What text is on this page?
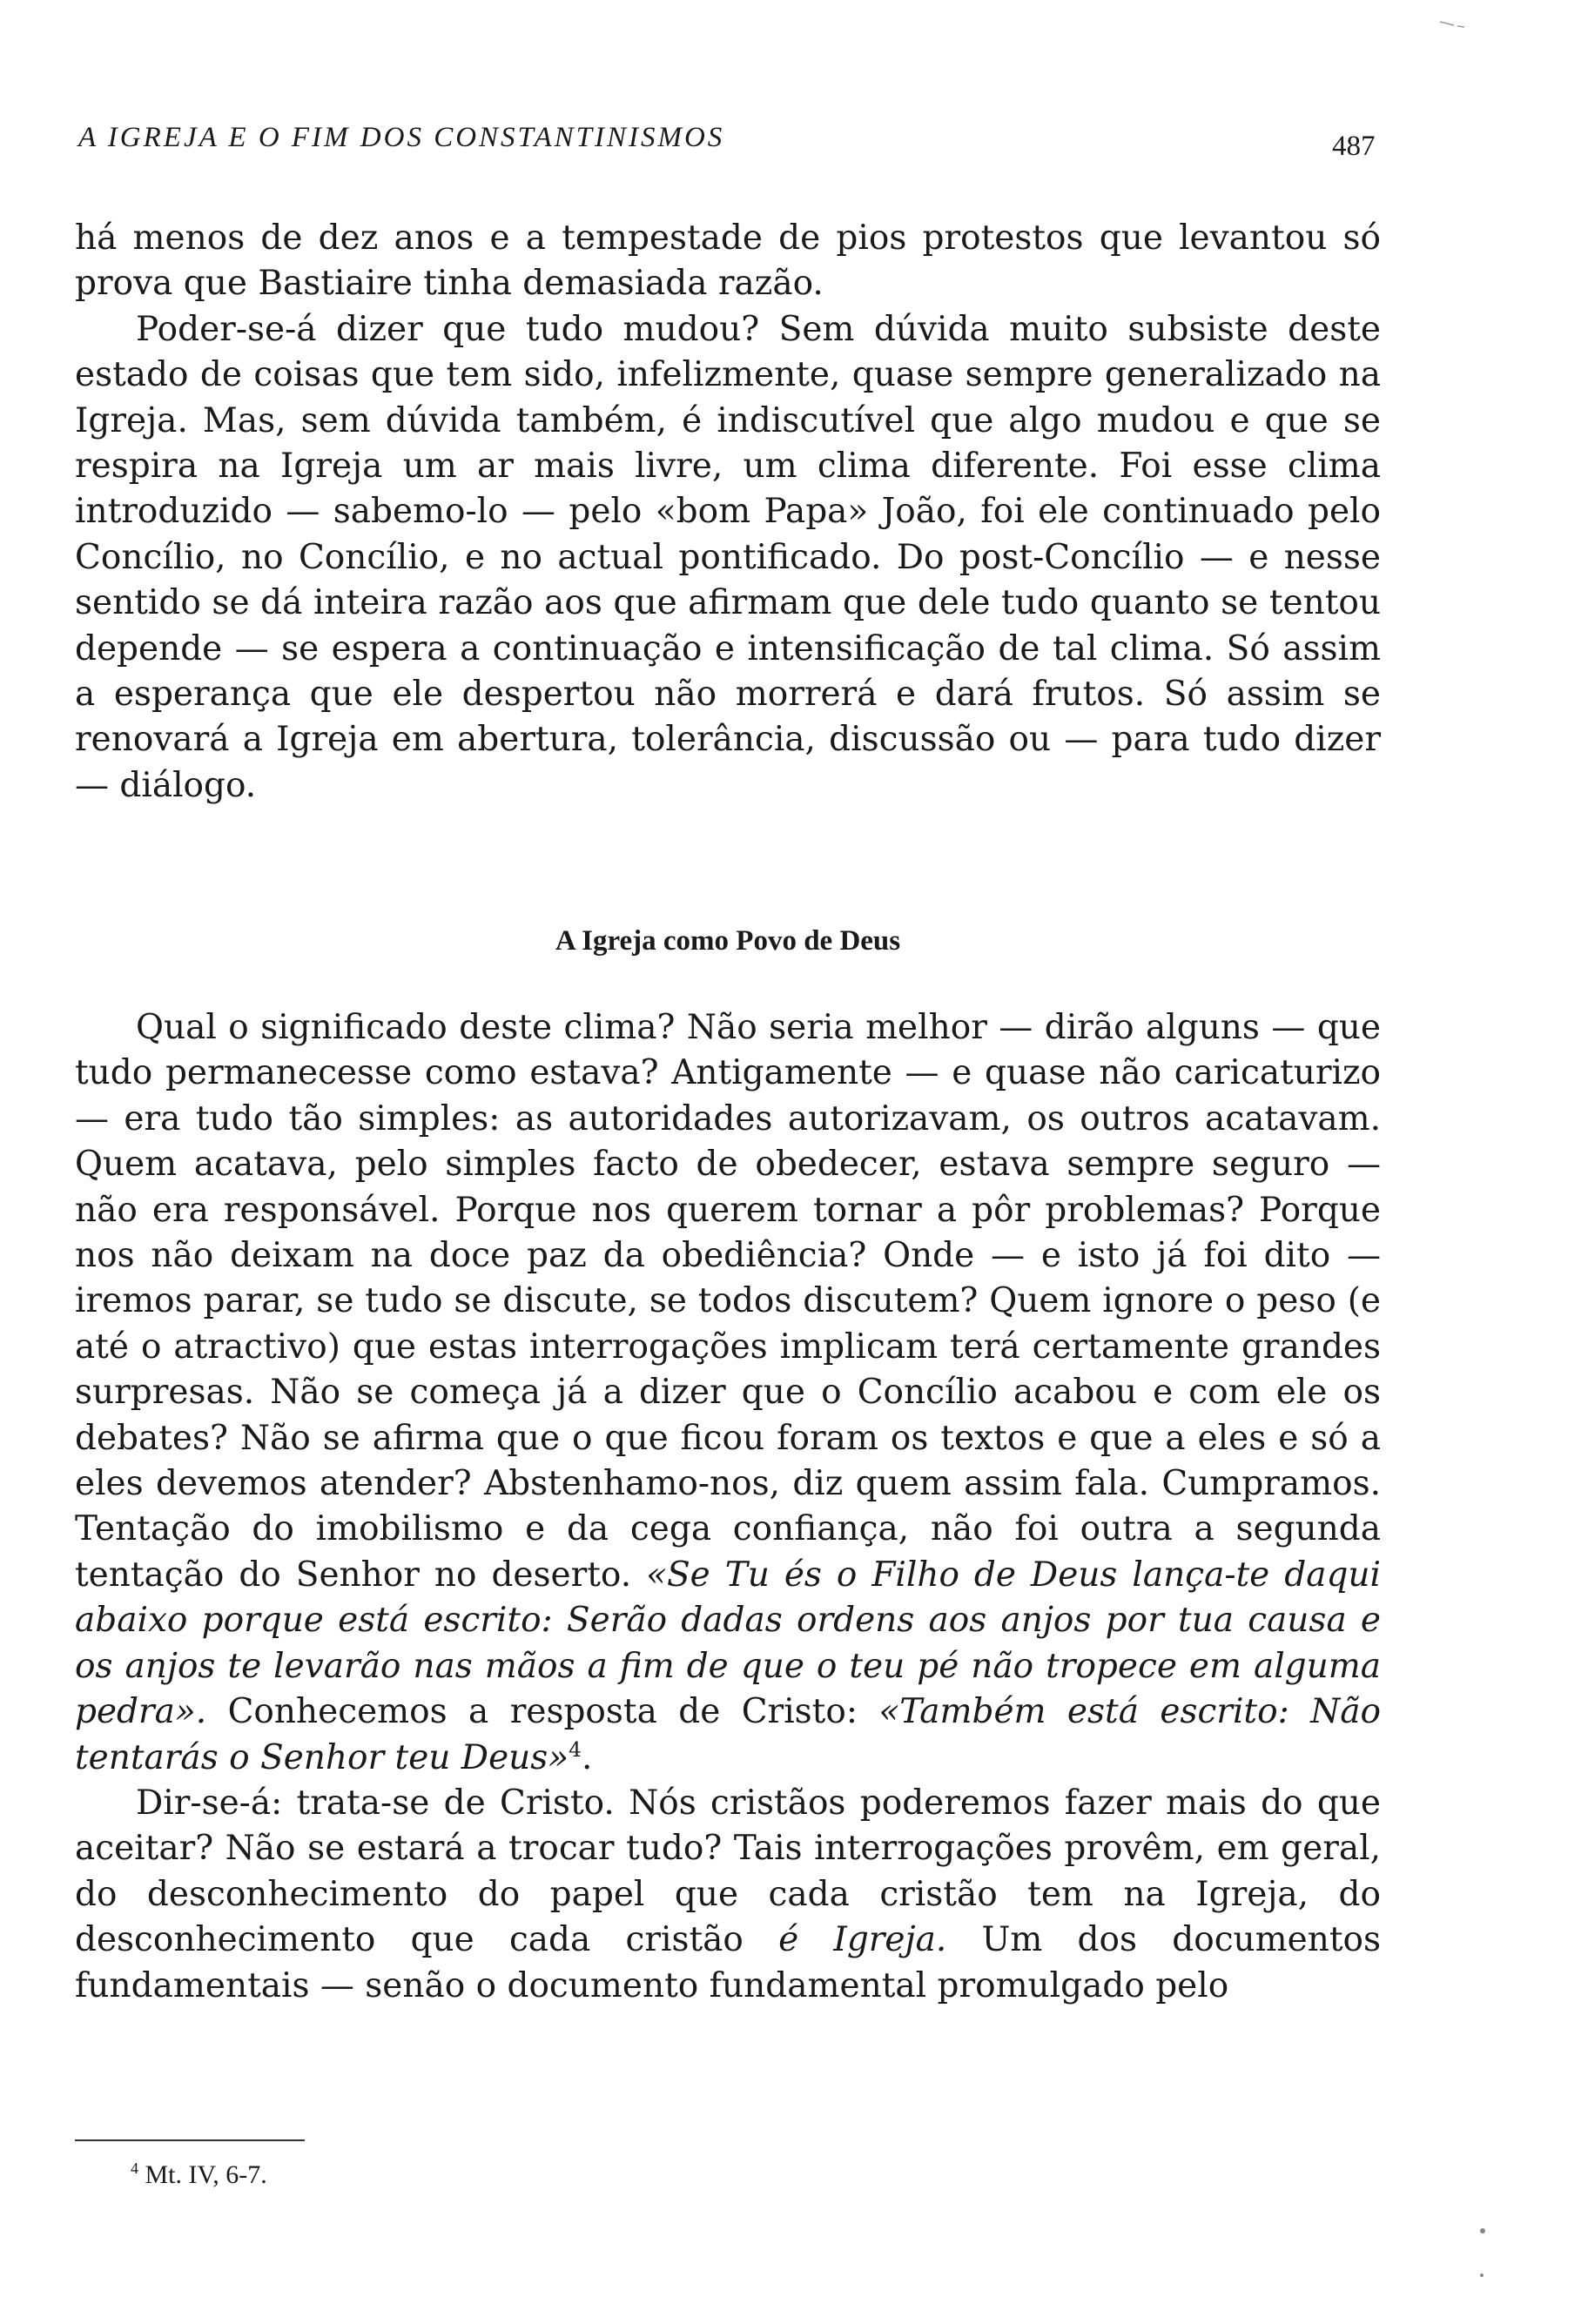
A IGREJA E O FIM DOS CONSTANTINISMOS	487

há menos de dez anos e a tempestade de pios protestos que levantou só prova que Bastiaire tinha demasiada razão.

Poder-se-á dizer que tudo mudou? Sem dúvida muito subsiste deste estado de coisas que tem sido, infelizmente, quase sempre generalizado na Igreja. Mas, sem dúvida também, é indiscutível que algo mudou e que se respira na Igreja um ar mais livre, um clima diferente. Foi esse clima introduzido — sabemo-lo — pelo «bom Papa» João, foi ele continuado pelo Concílio, no Concílio, e no actual pontificado. Do post-Concílio — e nesse sentido se dá inteira razão aos que afirmam que dele tudo quanto se tentou depende — se espera a continuação e intensificação de tal clima. Só assim a esperança que ele despertou não morrerá e dará frutos. Só assim se renovará a Igreja em abertura, tolerância, discussão ou — para tudo dizer — diálogo.

A Igreja como Povo de Deus

Qual o significado deste clima? Não seria melhor — dirão alguns — que tudo permanecesse como estava? Antigamente — e quase não caricaturizo — era tudo tão simples: as autoridades autorizavam, os outros acatavam. Quem acatava, pelo simples facto de obedecer, estava sempre seguro — não era responsável. Porque nos querem tornar a pôr problemas? Porque nos não deixam na doce paz da obediência? Onde — e isto já foi dito — iremos parar, se tudo se discute, se todos discutem? Quem ignore o peso (e até o atractivo) que estas interrogações implicam terá certamente grandes surpresas. Não se começa já a dizer que o Concílio acabou e com ele os debates? Não se afirma que o que ficou foram os textos e que a eles e só a eles devemos atender? Abstenhamo-nos, diz quem assim fala. Cumpramos. Tentação do imobilismo e da cega confiança, não foi outra a segunda tentação do Senhor no deserto. «Se Tu és o Filho de Deus lança-te daqui abaixo porque está escrito: Serão dadas ordens aos anjos por tua causa e os anjos te levarão nas mãos a fim de que o teu pé não tropece em alguma pedra». Conhecemos a resposta de Cristo: «Também está escrito: Não tentarás o Senhor teu Deus»$^4$.

Dir-se-á: trata-se de Cristo. Nós cristãos poderemos fazer mais do que aceitar? Não se estará a trocar tudo? Tais interrogações provêm, em geral, do desconhecimento do papel que cada cristão tem na Igreja, do desconhecimento que cada cristão é Igreja. Um dos documentos fundamentais — senão o documento fundamental promulgado pelo

$^4$ Mt. IV, 6-7.
